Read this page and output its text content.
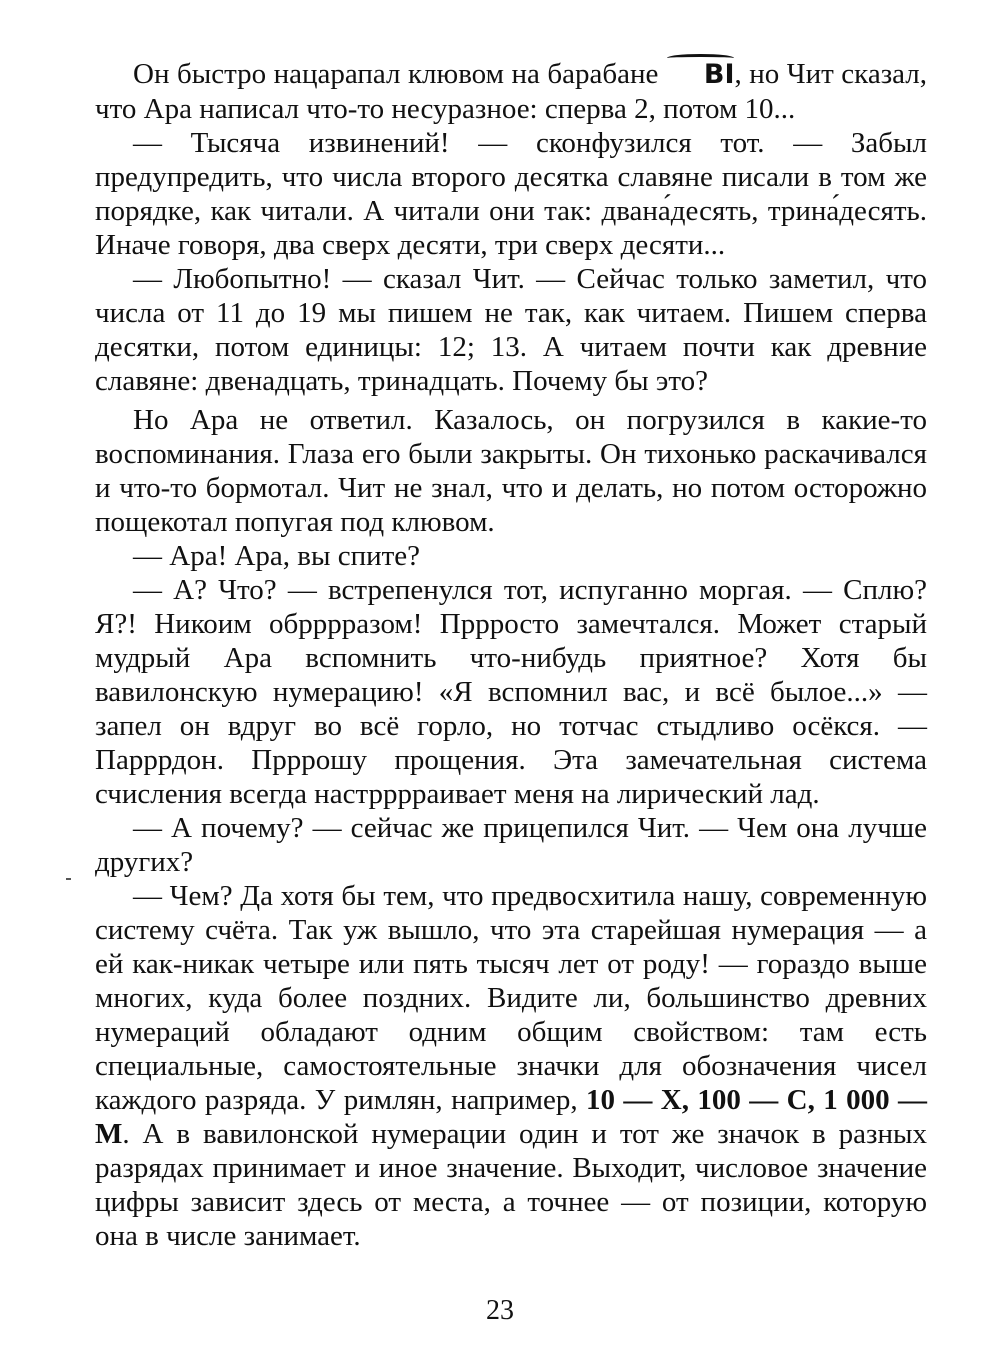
Он быстро нацарапал клювом на барабане ВІ, но Чит сказал, что Ара написал что-то несуразное: сперва 2, потом 10...

— Тысяча извинений! — сконфузился тот. — Забыл предупредить, что числа второго десятка славяне писали в том же порядке, как читали. А читали они так: двана́десять, трина́десять. Иначе говоря, два сверх десяти, три сверх десяти...

— Любопытно! — сказал Чит. — Сейчас только заметил, что числа от 11 до 19 мы пишем не так, как читаем. Пишем сперва десятки, потом единицы: 12; 13. А читаем почти как древние славяне: двенадцать, тринадцать. Почему бы это?

Но Ара не ответил. Казалось, он погрузился в какие-то воспоминания. Глаза его были закрыты. Он тихонько раскачивался и что-то бормотал. Чит не знал, что и делать, но потом осторожно пощекотал попугая под клювом.

— Ара! Ара, вы спите?

— А? Что? — встрепенулся тот, испуганно моргая. — Сплю? Я?! Никоим обрррразом! Пррросто замечтался. Может старый мудрый Ара вспомнить что-нибудь приятное? Хотя бы вавилонскую нумерацию! «Я вспомнил вас, и всё былое...» — запел он вдруг во всё горло, но тотчас стыдливо осёкся. — Парррдон. Прррошу прощения. Эта замечательная система счисления всегда настрррраивает меня на лирический лад.

— А почему? — сейчас же прицепился Чит. — Чем она лучше других?

— Чем? Да хотя бы тем, что предвосхитила нашу, современную систему счёта. Так уж вышло, что эта старейшая нумерация — а ей как-никак четыре или пять тысяч лет от роду! — гораздо выше многих, куда более поздних. Видите ли, большинство древних нумераций обладают одним общим свойством: там есть специальные, самостоятельные значки для обозначения чисел каждого разряда. У римлян, например, 10 — X, 100 — C, 1 000 — M. А в вавилонской нумерации один и тот же значок в разных разрядах принимает и иное значение. Выходит, числовое значение цифры зависит здесь от места, а точнее — от позиции, которую она в числе занимает.

23
